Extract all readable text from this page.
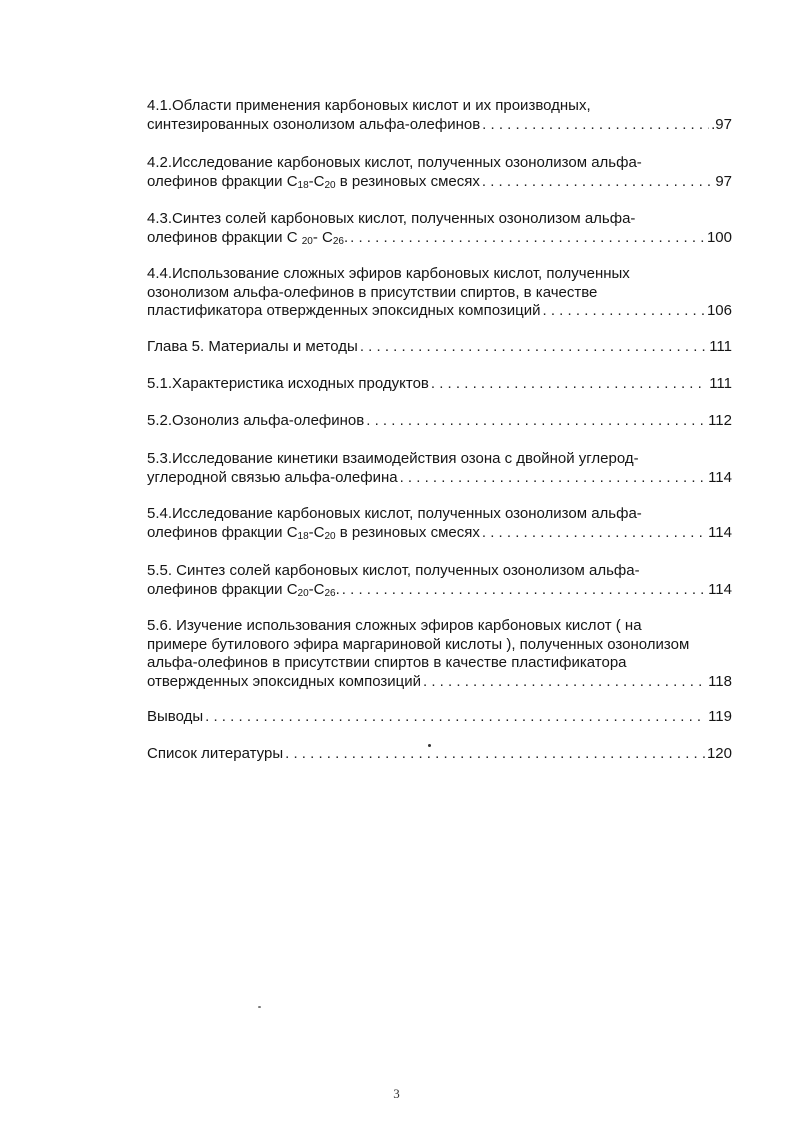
4.1.Области применения карбоновых кислот и их производных,
синтезированных озонолизом альфа-олефинов . . .	.97
4.2.Исследование карбоновых кислот, полученных озонолизом альфа-
олефинов фракции $С_{18}-С_{20}$ в резиновых смесях . . .	97
4.3.Синтез солей карбоновых кислот, полученных озонолизом альфа-
олефинов фракции С $_{20}$- $С_{26}$. . . .	100
4.4.Использование сложных эфиров карбоновых кислот, полученных
озонолизом альфа-олефинов в присутствии спиртов, в качестве
пластификатора отвержденных эпоксидных композиций . . .	106
Глава 5. Материалы и методы . . .	111
5.1.Характеристика исходных продуктов . . .	111
5.2.Озонолиз альфа-олефинов . . .	112
5.3.Исследование кинетики взаимодействия озона с двойной углерод-
углеродной связью альфа-олефина . . .	114
5.4.Исследование карбоновых кислот, полученных озонолизом альфа-
олефинов фракции $С_{18}-С_{20}$ в резиновых смесях . . .	114
5.5. Синтез солей карбоновых кислот, полученных озонолизом альфа-
олефинов фракции $С_{20}-С_{26}$. . . .	114
5.6. Изучение использования сложных эфиров карбоновых кислот ( на
примере бутилового эфира маргариновой кислоты ), полученных озонолизом
альфа-олефинов в присутствии спиртов в качестве пластификатора
отвержденных эпоксидных композиций . . .	118
Выводы . . .	119
Список литературы . . .	120
3
